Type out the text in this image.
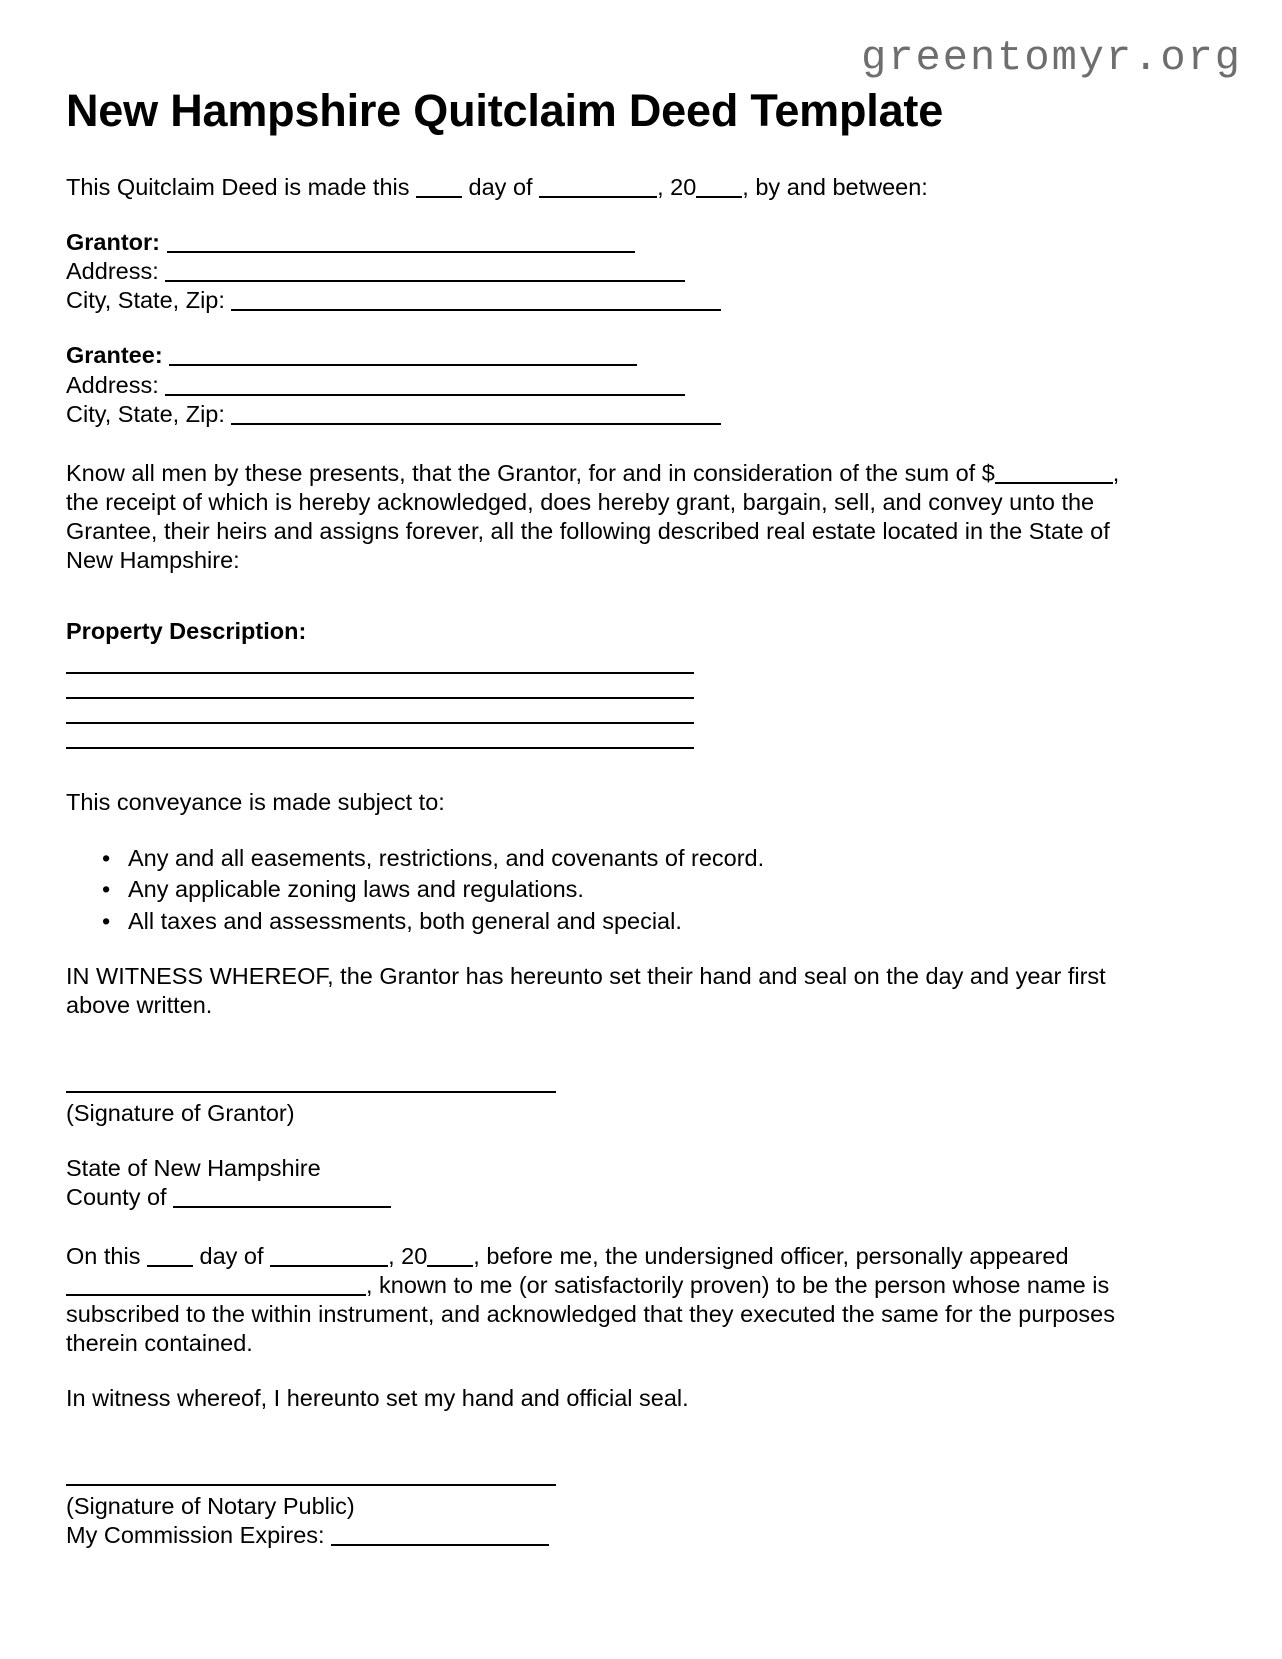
greentomyr.org
New Hampshire Quitclaim Deed Template

This Quitclaim Deed is made this  day of	, 20 , by and between:

Grantor:

Address:

City, State, Zip:

Grantee:

Address:

City, State, Zip:

Know all men by these presents, that the Grantor, for and in consideration of the sum of $	, the receipt of which is hereby acknowledged, does hereby grant, bargain, sell, and convey unto the Grantee, their heirs and assigns forever, all the following described real estate located in the State of New Hampshire:

Property Description:

This conveyance is made subject to:

• Any and all easements, restrictions, and covenants of record.
• Any applicable zoning laws and regulations.
• All taxes and assessments, both general and special.

IN WITNESS WHEREOF, the Grantor has hereunto set their hand and seal on the day and year first above written.

(Signature of Grantor)

State of New Hampshire

County of

On this  day of	, 20 , before me, the undersigned officer, personally appeared , known to me (or satisfactorily proven) to be the person whose name is subscribed to the within instrument, and acknowledged that they executed the same for the purposes therein contained.

In witness whereof, I hereunto set my hand and official seal.

(Signature of Notary Public)

My Commission Expires:
